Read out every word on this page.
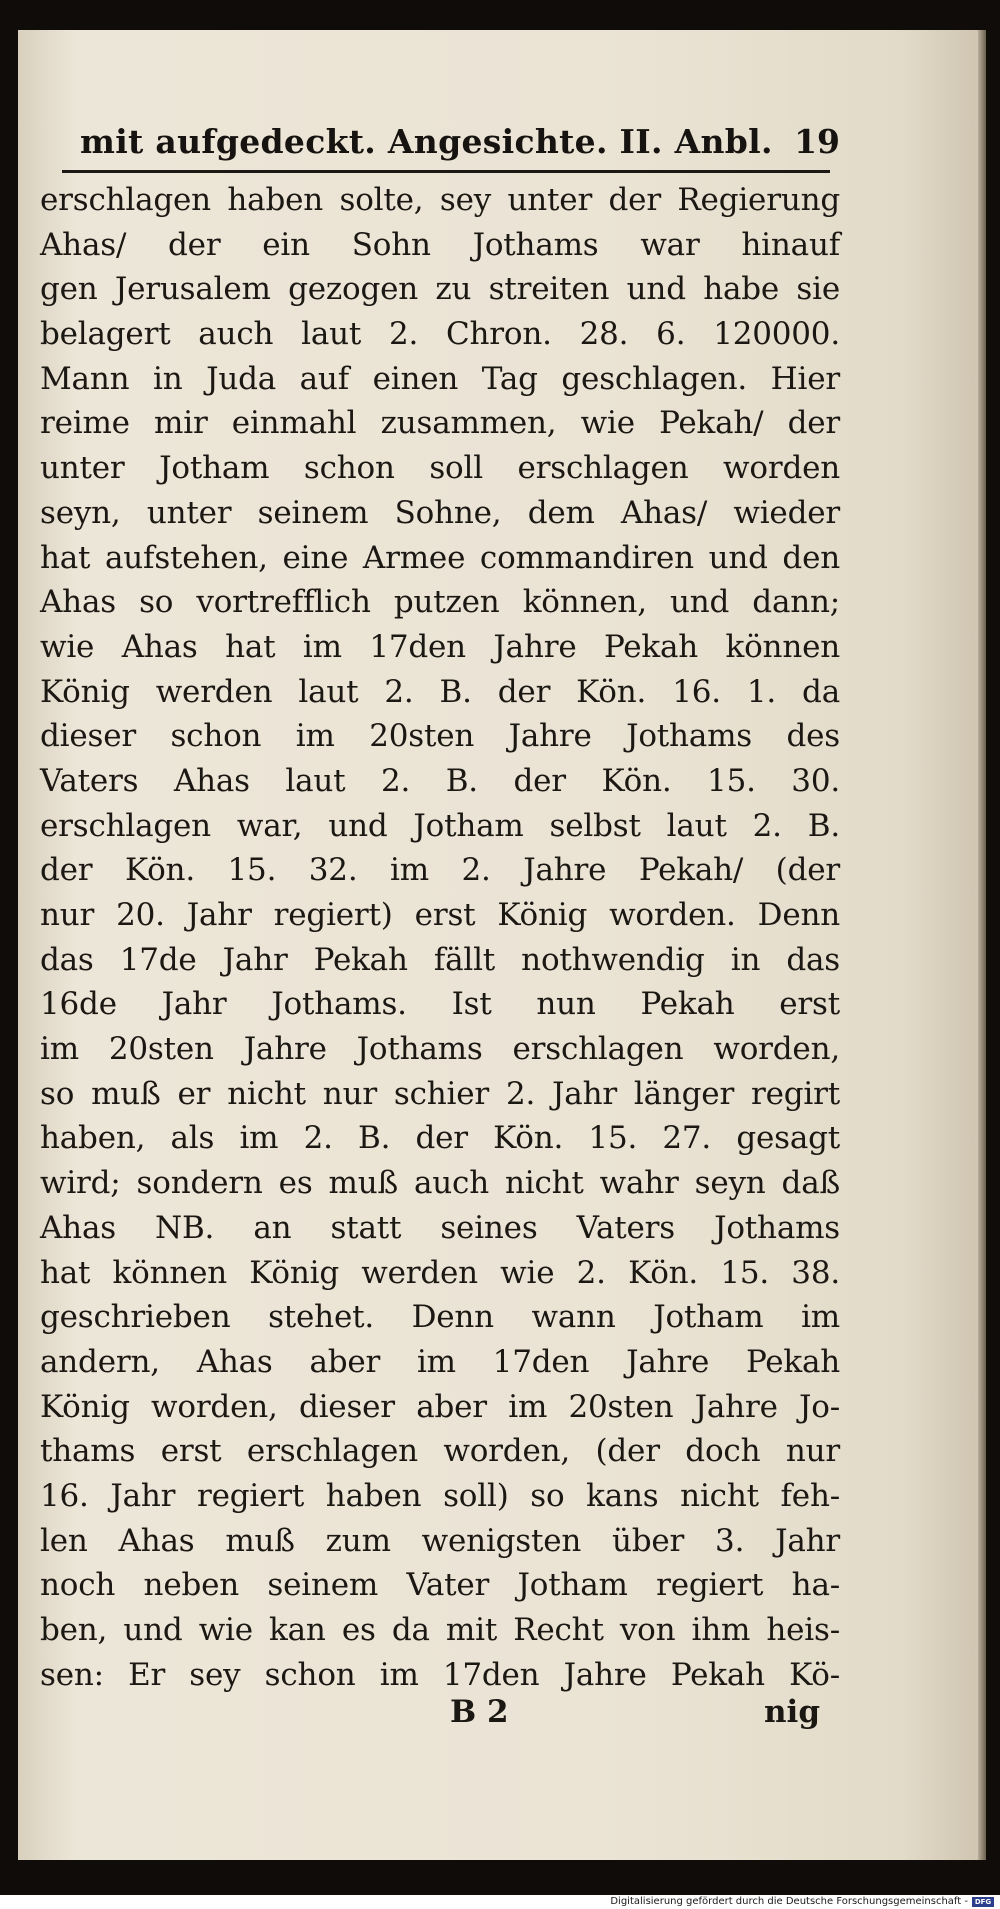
mit aufgedeckt. Angesichte. II. Anbl. 19
erschlagen haben solte, sey unter der Regierung
Ahas/ der ein Sohn Jothams war hinauf
gen Jerusalem gezogen zu streiten und habe sie
belagert auch laut 2. Chron. 28. 6. 120000.
Mann in Juda auf einen Tag geschlagen. Hier
reime mir einmahl zusammen, wie Pekah/ der
unter Jotham schon soll erschlagen worden
seyn, unter seinem Sohne, dem Ahas/ wieder
hat aufstehen, eine Armee commandiren und den
Ahas so vortrefflich putzen können, und dann;
wie Ahas hat im 17den Jahre Pekah können
König werden laut 2. B. der Kön. 16. 1. da
dieser schon im 20sten Jahre Jothams des
Vaters Ahas laut 2. B. der Kön. 15. 30.
erschlagen war, und Jotham selbst laut 2. B.
der Kön. 15. 32. im 2. Jahre Pekah/ (der
nur 20. Jahr regiert) erst König worden. Denn
das 17de Jahr Pekah fällt nothwendig in das
16de Jahr Jothams. Ist nun Pekah erst
im 20sten Jahre Jothams erschlagen worden,
so muß er nicht nur schier 2. Jahr länger regirt
haben, als im 2. B. der Kön. 15. 27. gesagt
wird; sondern es muß auch nicht wahr seyn daß
Ahas NB. an statt seines Vaters Jothams
hat können König werden wie 2. Kön. 15. 38.
geschrieben stehet. Denn wann Jotham im
andern, Ahas aber im 17den Jahre Pekah
König worden, dieser aber im 20sten Jahre Jo-
thams erst erschlagen worden, (der doch nur
16. Jahr regiert haben soll) so kans nicht feh-
len Ahas muß zum wenigsten über 3. Jahr
noch neben seinem Vater Jotham regiert ha-
ben, und wie kan es da mit Recht von ihm heis-
sen: Er sey schon im 17den Jahre Pekah Kö-
B 2	nig
Digitalisierung gefördert durch die Deutsche Forschungsgemeinschaft - DFG
